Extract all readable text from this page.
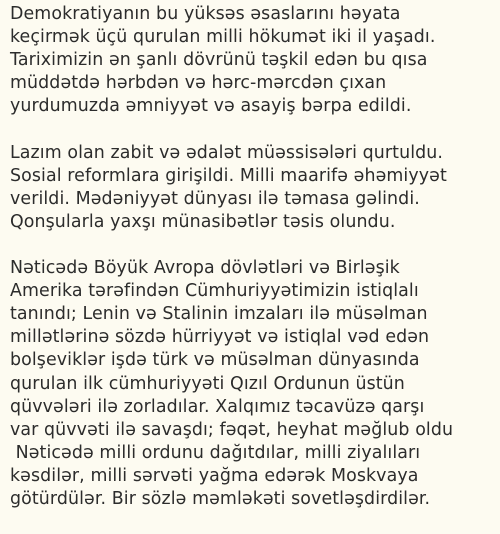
Demokratiyanın bu yüksəs əsaslarını həyata
keçirmək üçü qurulan milli hökumət iki il yaşadı.
Tariximizin ən şanlı dövrünü təşkil edən bu qısa
müddətdə hərbdən və hərc-mərcdən çıxan
yurdumuzda əmniyyət və asayiş bərpa edildi.

Lazım olan zabit və ədalət müəssisələri qurtuldu.
Sosial reformlara girişildi. Milli maarifə əhəmiyyət
verildi. Mədəniyyət dünyası ilə təmasa gəlindi.
Qonşularla yaxşı münasibətlər təsis olundu.

Nəticədə Böyük Avropa dövlətləri və Birləşik
Amerika tərəfindən Cümhuriyyətimizin istiqlalı
tanındı; Lenin və Stalinin imzaları ilə müsəlman
millətlərinə sözdə hürriyyət və istiqlal vəd edən
bolşeviklər işdə türk və müsəlman dünyasında
qurulan ilk cümhuriyyəti Qızıl Ordunun üstün
qüvvələri ilə zorladılar. Xalqımız təcavüzə qarşı
var qüvvəti ilə savaşdı; fəqət, heyhat məğlub oldu
Nəticədə milli ordunu dağıtdılar, milli ziyalıları
kəsdilər, milli sərvəti yağma edərək Moskvaya
götürdülər. Bir sözlə məmləkəti sovetləşdirdilər.
